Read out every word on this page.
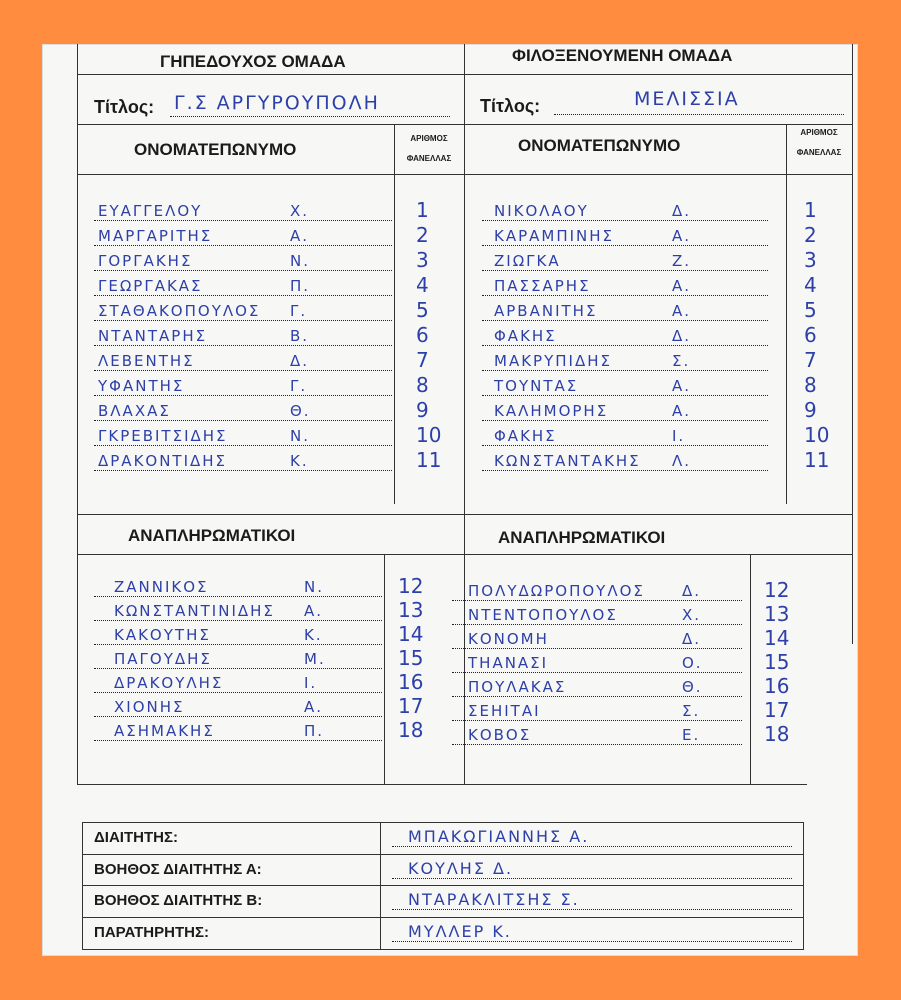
ΓΗΠΕΔΟΥΧΟΣ ΟΜΑΔΑ	ΦΙΛΟΞΕΝΟΥΜΕΝΗ ΟΜΑΔΑ
Τίτλος: Γ.Σ ΑΡΓΥΡΟΥΠΟΛΗ	Τίτλος:	ΜΕΛΙΣΣΙΑ
ΟΝΟΜΑΤΕΠΩΝΥΜΟ
ΑΡΙΘΜΟΣ
ΦΑΝΕΛΛΑΣ
ΟΝΟΜΑΤΕΠΩΝΥΜΟ
ΑΡΙΘΜΟΣ
ΦΑΝΕΛΛΑΣ
ΕΥΑΓΓΕΛΟΥ	Χ.	1
ΜΑΡΓΑΡΙΤΗΣ	Α.	2
ΓΟΡΓΑΚΗΣ	Ν.	3
ΓΕΩΡΓΑΚΑΣ	Π.	4
ΣΤΑΘΑΚΟΠΟΥΛΟΣ Γ.	5
ΝΤΑΝΤΑΡΗΣ	Β.	6
ΛΕΒΕΝΤΗΣ	Δ.	7
ΥΦΑΝΤΗΣ	Γ.	8
ΒΛΑΧΑΣ	Θ.	9
ΓΚΡΕΒΙΤΣΙΔΗΣ	Ν.	10
ΔΡΑΚΟΝΤΙΔΗΣ	Κ.	11
ΝΙΚΟΛΑΟΥ	Δ.	1
ΚΑΡΑΜΠΙΝΗΣ	Α.	2
ΖΙΩΓΚΑ	Ζ.	3
ΠΑΣΣΑΡΗΣ	Α.	4
ΑΡΒΑΝΙΤΗΣ	Α.	5
ΦΑΚΗΣ	Δ.	6
ΜΑΚΡΥΠΙΔΗΣ	Σ.	7
ΤΟΥΝΤΑΣ	Α.	8
ΚΑΛΗΜΟΡΗΣ	Α.	9
ΦΑΚΗΣ	Ι.	10
ΚΩΝΣΤΑΝΤΑΚΗΣ Λ.	11
ΑΝΑΠΛΗΡΩΜΑΤΙΚΟΙ	ΑΝΑΠΛΗΡΩΜΑΤΙΚΟΙ
ΖΑΝΝΙΚΟΣ	Ν.	12
ΚΩΝΣΤΑΝΤΙΝΙΔΗΣ Α.	13
ΚΑΚΟΥΤΗΣ	Κ.	14
ΠΑΓΟΥΔΗΣ	Μ.	15
ΔΡΑΚΟΥΛΗΣ	Ι.	16
ΧΙΟΝΗΣ	Α.	17
ΑΣΗΜΑΚΗΣ	Π.	18
ΠΟΛΥΔΩΡΟΠΟΥΛΟΣ Δ.	12
ΝΤΕΝΤΟΠΟΥΛΟΣ	Χ.	13
ΚΟΝΟΜΗ	Δ.	14
ΤΗΑΝΑΣΙ	Ο.	15
ΠΟΥΛΑΚΑΣ	Θ.	16
ΣΕΗΙΤΑΙ	Σ.	17
ΚΟΒΟΣ	Ε.	18
ΔΙΑΙΤΗΤΗΣ:	ΜΠΑΚΩΓΙΑΝΝΗΣ Α.
ΒΟΗΘΟΣ ΔΙΑΙΤΗΤΗΣ Α:	ΚΟΥΛΗΣ Δ.
ΒΟΗΘΟΣ ΔΙΑΙΤΗΤΗΣ Β:	ΝΤΑΡΑΚΛΙΤΣΗΣ Σ.
ΠΑΡΑΤΗΡΗΤΗΣ:	ΜΥΛΛΕΡ Κ.
